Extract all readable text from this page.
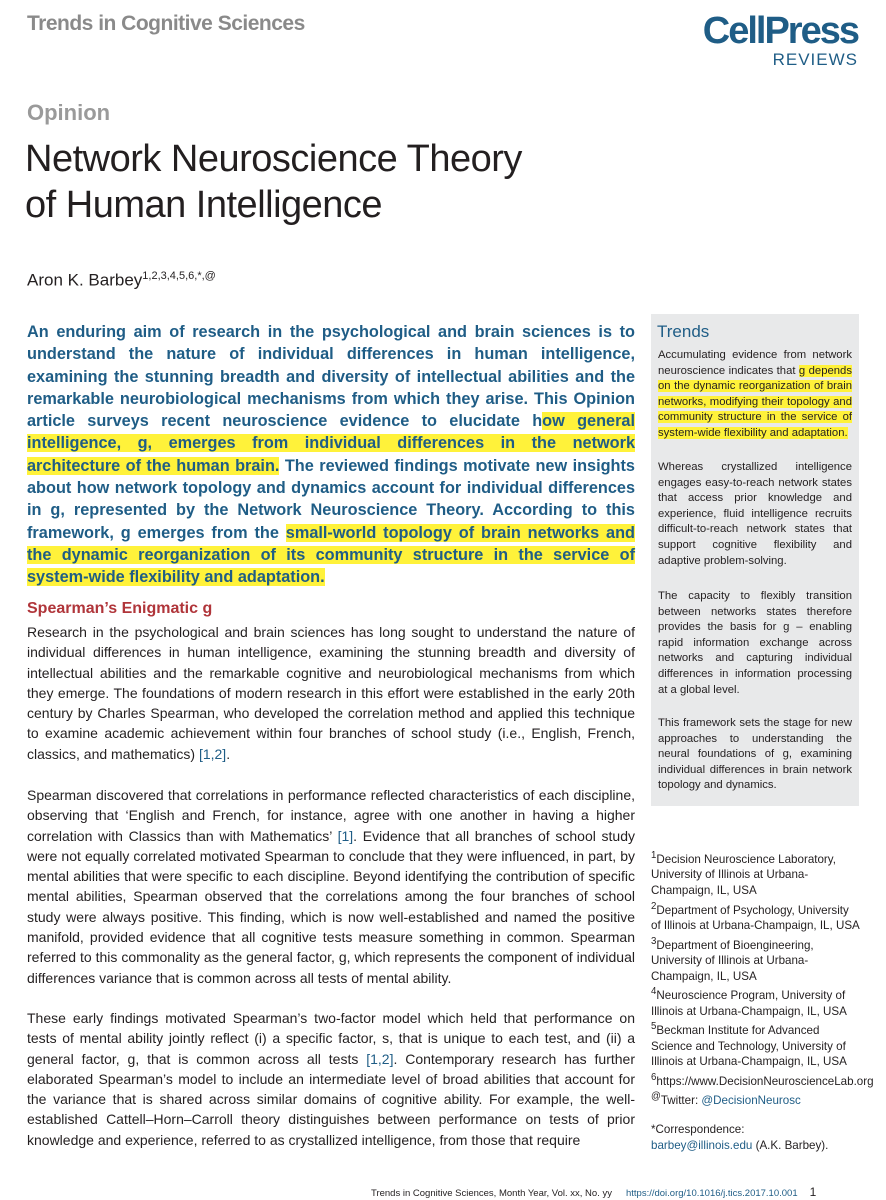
Trends in Cognitive Sciences	CellPress
REVIEWS
Opinion
Network Neuroscience Theory
of Human Intelligence
Aron K. Barbey$^{1,2,3,4,5,6,*,@}$
An enduring aim of research in the psychological and brain sciences is to understand the nature of individual differences in human intelligence, examining the stunning breadth and diversity of intellectual abilities and the remarkable neurobiological mechanisms from which they arise. This Opinion article surveys recent neuroscience evidence to elucidate how general intelligence, g, emerges from individual differences in the network architecture of the human brain. The reviewed findings motivate new insights about how network topology and dynamics account for individual differences in g, represented by the Network Neuroscience Theory. According to this framework, g emerges from the small-world topology of brain networks and the dynamic reorganization of its community structure in the service of system-wide flexibility and adaptation.
Trends
Accumulating evidence from network neuroscience indicates that g depends on the dynamic reorganization of brain networks, modifying their topology and community structure in the service of system-wide flexibility and adaptation.
Whereas crystallized intelligence engages easy-to-reach network states that access prior knowledge and experience, fluid intelligence recruits difficult-to-reach network states that support cognitive flexibility and adaptive problem-solving.
The capacity to flexibly transition between networks states therefore provides the basis for g – enabling rapid information exchange across networks and capturing individual differences in information processing at a global level.
This framework sets the stage for new approaches to understanding the neural foundations of g, examining individual differences in brain network topology and dynamics.
Spearman’s Enigmatic g
Research in the psychological and brain sciences has long sought to understand the nature of individual differences in human intelligence, examining the stunning breadth and diversity of intellectual abilities and the remarkable cognitive and neurobiological mechanisms from which they emerge. The foundations of modern research in this effort were established in the early 20th century by Charles Spearman, who developed the correlation method and applied this technique to examine academic achievement within four branches of school study (i.e., English, French, classics, and mathematics) [1,2].
Spearman discovered that correlations in performance reflected characteristics of each discipline, observing that ‘English and French, for instance, agree with one another in having a higher correlation with Classics than with Mathematics’ [1]. Evidence that all branches of school study were not equally correlated motivated Spearman to conclude that they were influenced, in part, by mental abilities that were specific to each discipline. Beyond identifying the contribution of specific mental abilities, Spearman observed that the correlations among the four branches of school study were always positive. This finding, which is now well-established and named the positive manifold, provided evidence that all cognitive tests measure something in common. Spearman referred to this commonality as the general factor, g, which represents the component of individual differences variance that is common across all tests of mental ability.
These early findings motivated Spearman’s two-factor model which held that performance on tests of mental ability jointly reflect (i) a specific factor, s, that is unique to each test, and (ii) a general factor, g, that is common across all tests [1,2]. Contemporary research has further elaborated Spearman’s model to include an intermediate level of broad abilities that account for the variance that is shared across similar domains of cognitive ability. For example, the well-established Cattell–Horn–Carroll theory distinguishes between performance on tests of prior knowledge and experience, referred to as crystallized intelligence, from those that require

$^1$Decision Neuroscience Laboratory, University of Illinois at Urbana-Champaign, IL, USA

$^2$Department of Psychology, University of Illinois at Urbana-Champaign, IL, USA

$^3$Department of Bioengineering, University of Illinois at Urbana-Champaign, IL, USA

$^4$Neuroscience Program, University of Illinois at Urbana-Champaign, IL, USA

$^5$Beckman Institute for Advanced Science and Technology, University of Illinois at Urbana-Champaign, IL, USA

$^6$https://www.DecisionNeuroscienceLab.org

@Twitter: @DecisionNeurosc

*Correspondence:
barbey@illinois.edu (A.K. Barbey).
Trends in Cognitive Sciences, Month Year, Vol. xx, No. yy https://doi.org/10.1016/j.tics.2017.10.001 1
